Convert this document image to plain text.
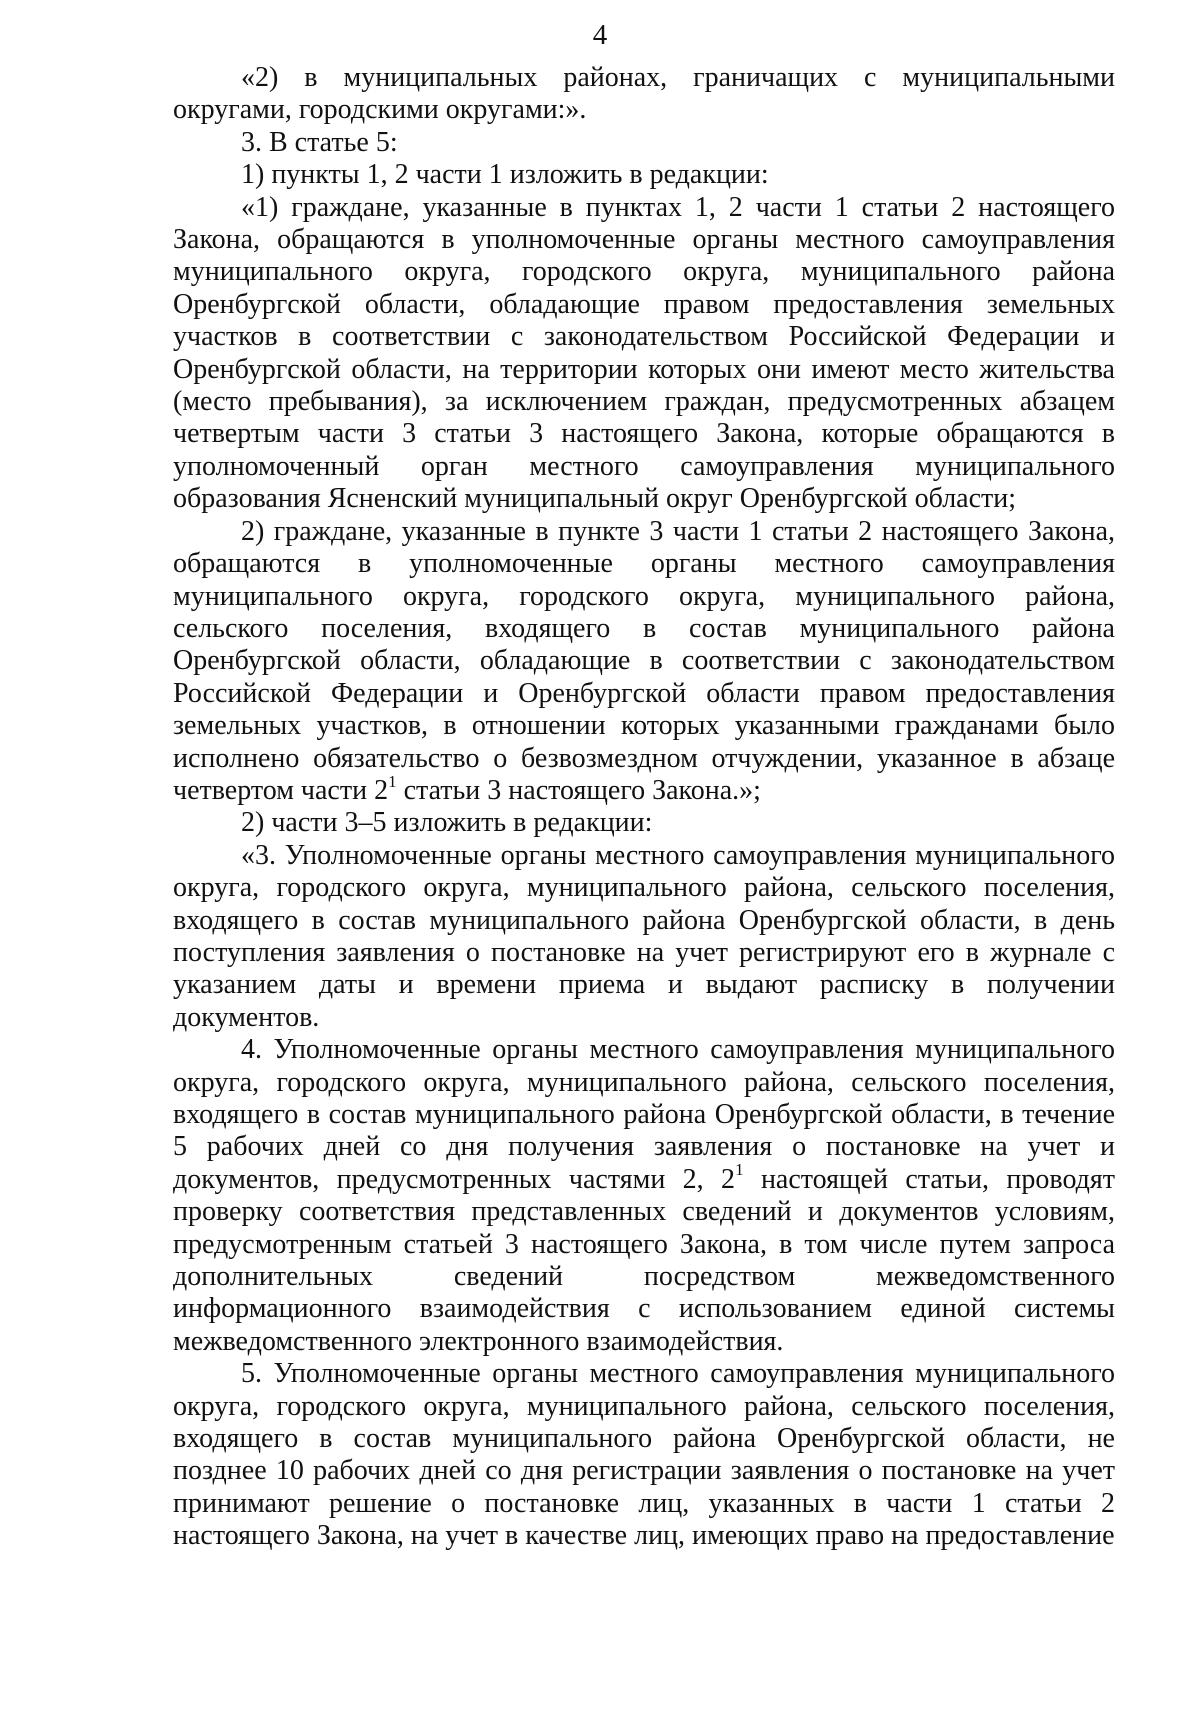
4

«2) в муниципальных районах, граничащих с муниципальными округами, городскими округами:».

3. В статье 5:

1) пункты 1, 2 части 1 изложить в редакции:

«1) граждане, указанные в пунктах 1, 2 части 1 статьи 2 настоящего Закона, обращаются в уполномоченные органы местного самоуправления муниципального округа, городского округа, муниципального района Оренбургской области, обладающие правом предоставления земельных участков в соответствии с законодательством Российской Федерации и Оренбургской области, на территории которых они имеют место жительства (место пребывания), за исключением граждан, предусмотренных абзацем четвертым части 3 статьи 3 настоящего Закона, которые обращаются в уполномоченный орган местного самоуправления муниципального образования Ясненский муниципальный округ Оренбургской области;

2) граждане, указанные в пункте 3 части 1 статьи 2 настоящего Закона, обращаются в уполномоченные органы местного самоуправления муниципального округа, городского округа, муниципального района, сельского поселения, входящего в состав муниципального района Оренбургской области, обладающие в соответствии с законодательством Российской Федерации и Оренбургской области правом предоставления земельных участков, в отношении которых указанными гражданами было исполнено обязательство о безвозмездном отчуждении, указанное в абзаце четвертом части $2^1$ статьи 3 настоящего Закона.»;

2) части 3–5 изложить в редакции:

«3. Уполномоченные органы местного самоуправления муниципального округа, городского округа, муниципального района, сельского поселения, входящего в состав муниципального района Оренбургской области, в день поступления заявления о постановке на учет регистрируют его в журнале с указанием даты и времени приема и выдают расписку в получении документов.

4. Уполномоченные органы местного самоуправления муниципального округа, городского округа, муниципального района, сельского поселения, входящего в состав муниципального района Оренбургской области, в течение 5 рабочих дней со дня получения заявления о постановке на учет и документов, предусмотренных частями 2, $2^1$ настоящей статьи, проводят проверку соответствия представленных сведений и документов условиям, предусмотренным статьей 3 настоящего Закона, в том числе путем запроса дополнительных сведений посредством межведомственного информационного взаимодействия с использованием единой системы межведомственного электронного взаимодействия.

5. Уполномоченные органы местного самоуправления муниципального округа, городского округа, муниципального района, сельского поселения, входящего в состав муниципального района Оренбургской области, не позднее 10 рабочих дней со дня регистрации заявления о постановке на учет принимают решение о постановке лиц, указанных в части 1 статьи 2 настоящего Закона, на учет в качестве лиц, имеющих право на предоставление
